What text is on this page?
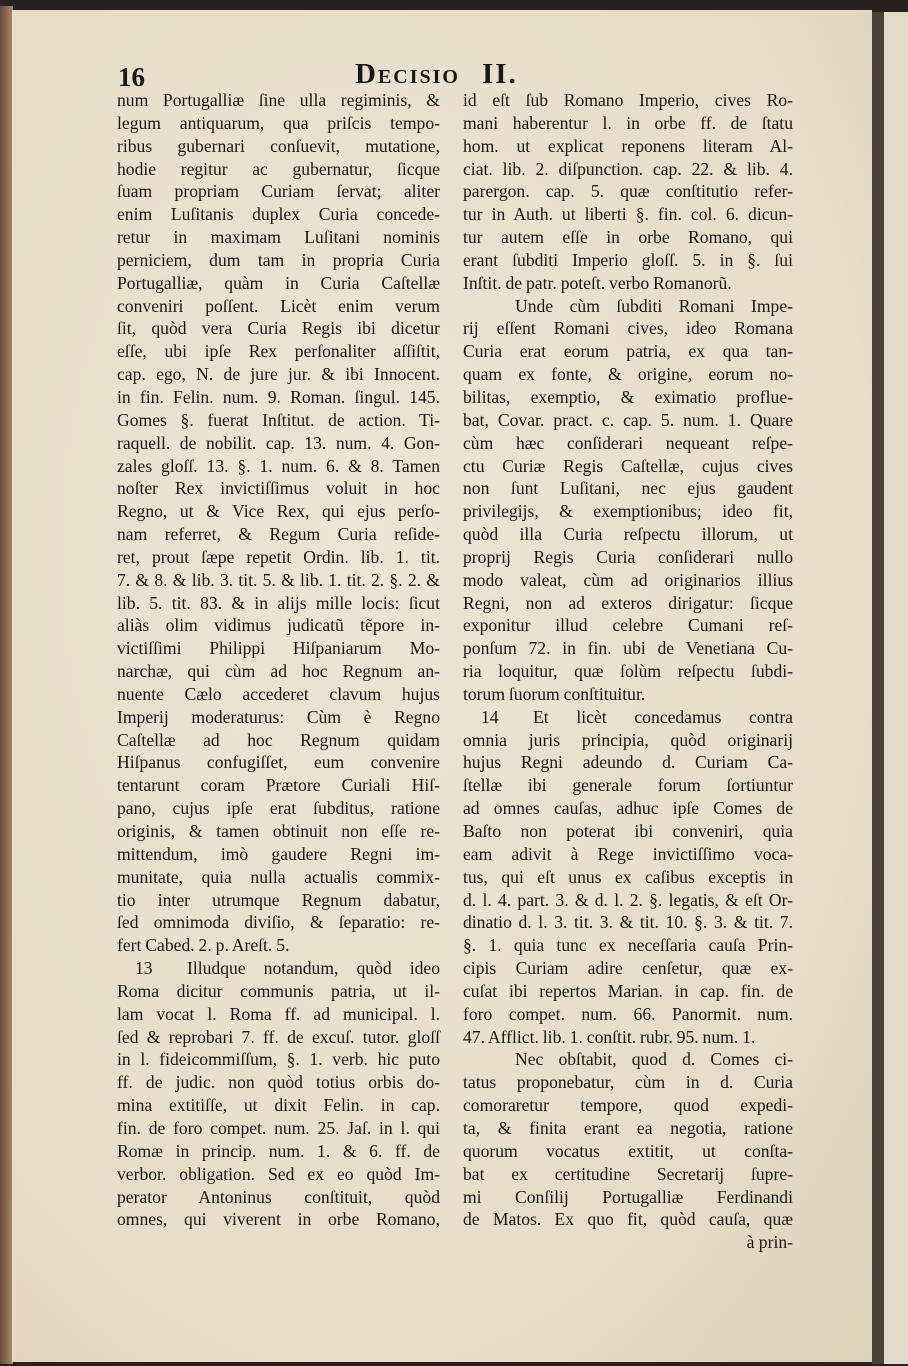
16	Decisio II.
num Portugalliæ ſine ulla regiminis, &
legum antiquarum, qua priſcis tempo-
ribus gubernari conſuevit, mutatione,
hodie regitur ac gubernatur, ſicque
ſuam propriam Curiam ſervat; aliter
enim Luſitanis duplex Curia concede-
retur in maximam Luſitani nominis
perniciem, dum tam in propria Curia
Portugalliæ, quàm in Curia Caſtellæ
conveniri poſſent. Licèt enim verum
ſit, quòd vera Curia Regis ibi dicetur
eſſe, ubi ipſe Rex perſonaliter aſſiſtit,
cap. ego, N. de jure jur. & ibi Innocent.
in fin. Felin. num. 9. Roman. ſingul. 145.
Gomes §. fuerat Inſtitut. de action. Ti-
raquell. de nobilit. cap. 13. num. 4. Gon-
zales gloſſ. 13. §. 1. num. 6. & 8. Tamen
noſter Rex invictiſſimus voluit in hoc
Regno, ut & Vice Rex, qui ejus perſo-
nam referret, & Regum Curia reſide-
ret, prout ſæpe repetit Ordin. lib. 1. tit.
7. & 8. & lib. 3. tit. 5. & lib. 1. tit. 2. §. 2. &
lib. 5. tit. 83. & in alijs mille locis: ſicut
aliàs olim vidimus judicatũ tẽpore in-
victiſſimi Philippi Hiſpaniarum Mo-
narchæ, qui cùm ad hoc Regnum an-
nuente Cælo accederet clavum hujus
Imperij moderaturus: Cùm è Regno
Caſtellæ ad hoc Regnum quidam
Hiſpanus confugiſſet, eum convenire
tentarunt coram Prætore Curiali Hiſ-
pano, cujus ipſe erat ſubditus, ratione
originis, & tamen obtinuit non eſſe re-
mittendum, imò gaudere Regni im-
munitate, quia nulla actualis commix-
tio inter utrumque Regnum dabatur,
ſed omnimoda diviſio, & ſeparatio: re-
fert Cabed. 2. p. Areſt. 5.
13 Illudque notandum, quòd ideo
Roma dicitur communis patria, ut il-
lam vocat l. Roma ff. ad municipal. l.
ſed & reprobari 7. ff. de excuſ. tutor. gloſſ
in l. fideicommiſſum, §. 1. verb. hic puto
ff. de judic. non quòd totius orbis do-
mina extitiſſe, ut dixit Felin. in cap.
fin. de foro compet. num. 25. Jaſ. in l. qui
Romæ in princip. num. 1. & 6. ff. de
verbor. obligation. Sed ex eo quòd Im-
perator Antoninus conſtituit, quòd
omnes, qui viverent in orbe Romano,
id eſt ſub Romano Imperio, cives Ro-
mani haberentur l. in orbe ff. de ſtatu
hom. ut explicat reponens literam Al-
ciat. lib. 2. diſpunction. cap. 22. & lib. 4.
parergon. cap. 5. quæ conſtitutio refer-
tur in Auth. ut liberti §. fin. col. 6. dicun-
tur autem eſſe in orbe Romano, qui
erant ſubditi Imperio gloſſ. 5. in §. ſui
Inſtit. de patr. poteſt. verbo Romanorũ.
Unde cùm ſubditi Romani Impe-
rij eſſent Romani cives, ideo Romana
Curia erat eorum patria, ex qua tan-
quam ex fonte, & origine, eorum no-
bilitas, exemptio, & eximatio proflue-
bat, Covar. pract. c. cap. 5. num. 1. Quare
cùm hæc conſiderari nequeant reſpe-
ctu Curiæ Regis Caſtellæ, cujus cives
non ſunt Luſitani, nec ejus gaudent
privilegijs, & exemptionibus; ideo fit,
quòd illa Curia reſpectu illorum, ut
proprij Regis Curia conſiderari nullo
modo valeat, cùm ad originarios illius
Regni, non ad exteros dirigatur: ſicque
exponitur illud celebre Cumani reſ-
ponſum 72. in fin. ubi de Venetiana Cu-
ria loquitur, quæ ſolùm reſpectu ſubdi-
torum ſuorum conſtituitur.
14 Et licèt concedamus contra
omnia juris principia, quòd originarij
hujus Regni adeundo d. Curiam Ca-
ſtellæ ibi generale forum ſortiuntur
ad omnes cauſas, adhuc ipſe Comes de
Baſto non poterat ibi conveniri, quia
eam adivit à Rege invictiſſimo voca-
tus, qui eſt unus ex caſibus exceptis in
d. l. 4. part. 3. & d. l. 2. §. legatis, & eſt Or-
dinatio d. l. 3. tit. 3. & tit. 10. §. 3. & tit. 7.
§. 1. quia tunc ex neceſſaria cauſa Prin-
cipis Curiam adire cenſetur, quæ ex-
cuſat ibi repertos Marian. in cap. fin. de
foro compet. num. 66. Panormit. num.
47. Afflict. lib. 1. conſtit. rubr. 95. num. 1.
Nec obſtabit, quod d. Comes ci-
tatus proponebatur, cùm in d. Curia
comoraretur tempore, quod expedi-
ta, & finita erant ea negotia, ratione
quorum vocatus extitit, ut conſta-
bat ex certitudine Secretarij ſupre-
mi Conſilij Portugalliæ Ferdinandi
de Matos. Ex quo fit, quòd cauſa, quæ
à prin-
